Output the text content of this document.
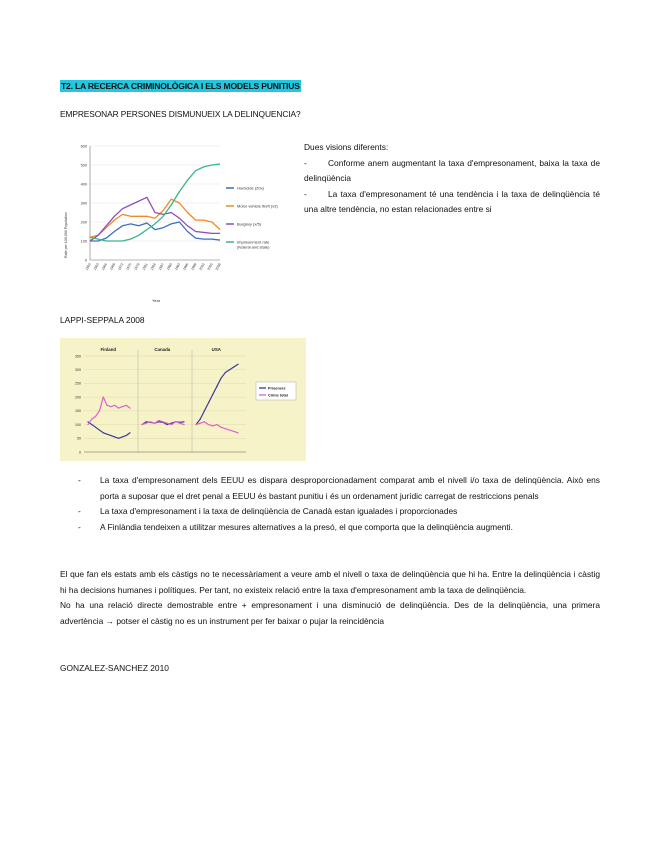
T2. LA RECERCA CRIMINOLÒGICA I ELS MODELS PUNITIUS
EMPRESONAR PERSONES DISMUNUEIX LA DELINQUENCIA?
0
100
200
300
400
500
600
1960 1963 1966 1969 1972 1975 1978 1981 1984 1987 1990 1993 1996 1999 2002 2005 2008
Homicide (20x)
Motor vehicle theft (x3)
Burglary (x/5)
Imprisonment rate (federal and state)
Rate per 100,000 Population
Year

Dues visions diferents:

-	Conforme anem augmentant la taxa d'empresonament, baixa la taxa de delinqüència

-	La taxa d'empresonament té una tendència i la taxa de delinqüència té una altre tendència, no estan relacionades entre si

LAPPI-SEPPALA 2008
0
50
100
150
200
250
300
350
Finland	Canada	USA
Prisoners
Crime total
-	La taxa d'empresonament dels EEUU es dispara desproporcionadament comparat amb el nivell i/o taxa de delinqüència. Això ens porta a suposar que el dret penal a EEUU és bastant punitiu i és un ordenament jurídic carregat de restriccions penals
-	La taxa d'empresonament i la taxa de delinqüència de Canadà estan igualades i proporcionades
-	A Finlàndia tendeixen a utilitzar mesures alternatives a la presó, el que comporta que la delinqüència augmenti.

El que fan els estats amb els càstigs no te necessàriament a veure amb el nivell o taxa de delinqüència que hi ha. Entre la delinqüència i càstig hi ha decisions humanes i polítiques. Per tant, no existeix relació entre la taxa d'empresonament amb la taxa de delinqüència.

No ha una relació directe demostrable entre + empresonament i una disminució de delinqüència. Des de la delinqüència, una primera advertència → potser el càstig no es un instrument per fer baixar o pujar la reincidència

GONZALEZ-SANCHEZ 2010
